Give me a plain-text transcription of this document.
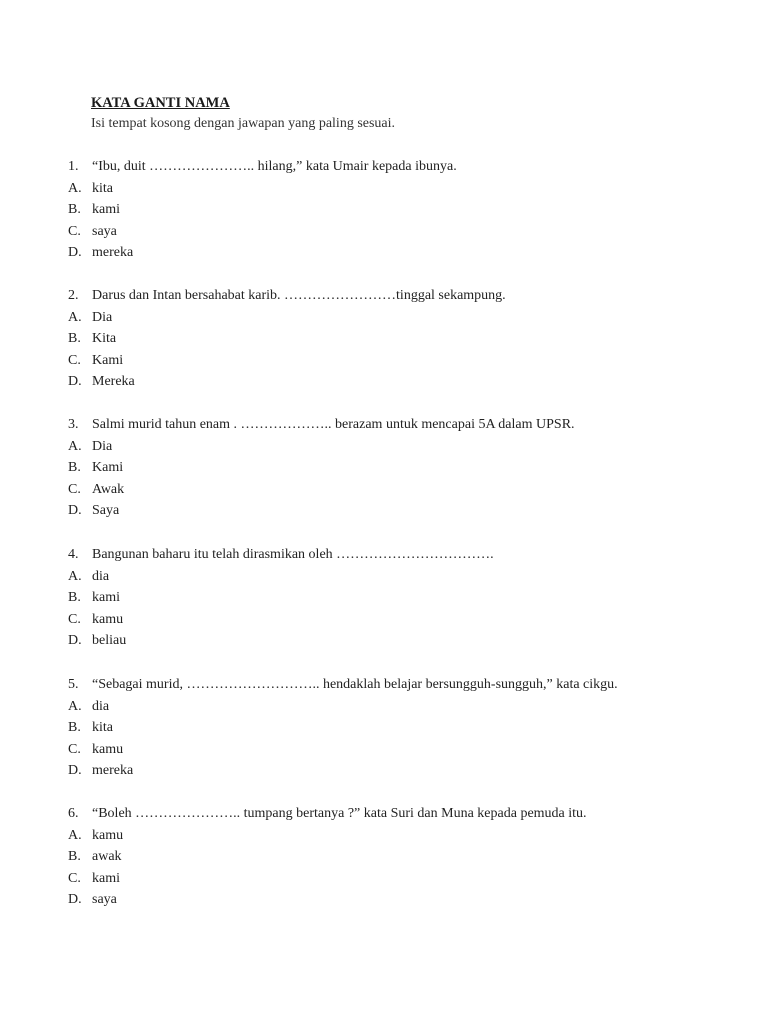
KATA GANTI NAMA
Isi tempat kosong dengan jawapan yang paling sesuai.
1. “Ibu, duit ………………….. hilang,” kata Umair kepada ibunya.
A. kita
B. kami
C. saya
D. mereka
2. Darus dan Intan bersahabat karib. ……………………tinggal sekampung.
A. Dia
B. Kita
C. Kami
D. Mereka
3. Salmi murid tahun enam . ……………….. berazam untuk mencapai 5A dalam UPSR.
A. Dia
B. Kami
C. Awak
D. Saya
4. Bangunan baharu itu telah dirasmikan oleh …………………………….
A. dia
B. kami
C. kamu
D. beliau
5. “Sebagai murid, ……………………….. hendaklah belajar bersungguh-sungguh,” kata cikgu.
A. dia
B. kita
C. kamu
D. mereka
6. “Boleh ………………….. tumpang bertanya ?” kata Suri dan Muna kepada pemuda itu.
A. kamu
B. awak
C. kami
D. saya
